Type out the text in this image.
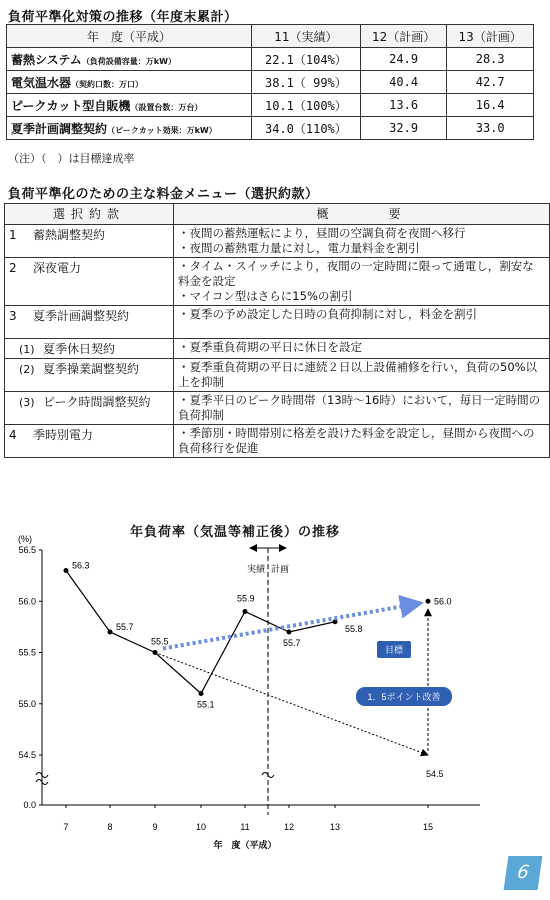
負荷平準化対策の推移（年度末累計）
年　度（平成）	11（実績）	12（計画）	13（計画）
蓄熱システム（負荷設備容量：万kW）	22.1（104%）	24.9	28.3
電気温水器（契約口数：万口）	38.1（ 99%）	40.4	42.7
ピークカット型自販機（設置台数：万台）	10.1（100%）	13.6	16.4
夏季計画調整契約（ピークカット効果：万kW）	34.0（110%）	32.9	33.0
（注）（　）は目標達成率
負荷平準化のための主な料金メニュー（選択約款）
選択約款	概　　　要
1 蓄熱調整契約	・夜間の蓄熱運転により，昼間の空調負荷を夜間へ移行
・夜間の蓄熱電力量に対し，電力量料金を割引

2 深夜電力	・タイム・スイッチにより，夜間の一定時間に限って通電し，割安な料金を設定
・マイコン型はさらに15%の割引

3 夏季計画調整契約	・夏季の予め設定した日時の負荷抑制に対し，料金を割引

(1) 夏季休日契約	・夏季重負荷期の平日に休日を設定

(2) 夏季操業調整契約	・夏季重負荷期の平日に連続２日以上設備補修を行い，負荷の50%以上を抑制
(3) ピーク時間調整契約	・夏季平日のピーク時間帯（13時〜16時）において，毎日一定時間の負荷抑制
4 季時別電力	・季節別・時間帯別に格差を設けた料金を設定し，昼間から夜間への負荷移行を促進
年負荷率（気温等補正後）の推移
(%)
56.5
56.0
55.5
55.0
54.5
0.0
7	8	9	10	11	12	13	15
年　度（平成）
実績 計画
56.3
55.7
55.5
55.1
55.9
55.7
55.8
54.5
56.0
目標
1．5ポイント改善
6
